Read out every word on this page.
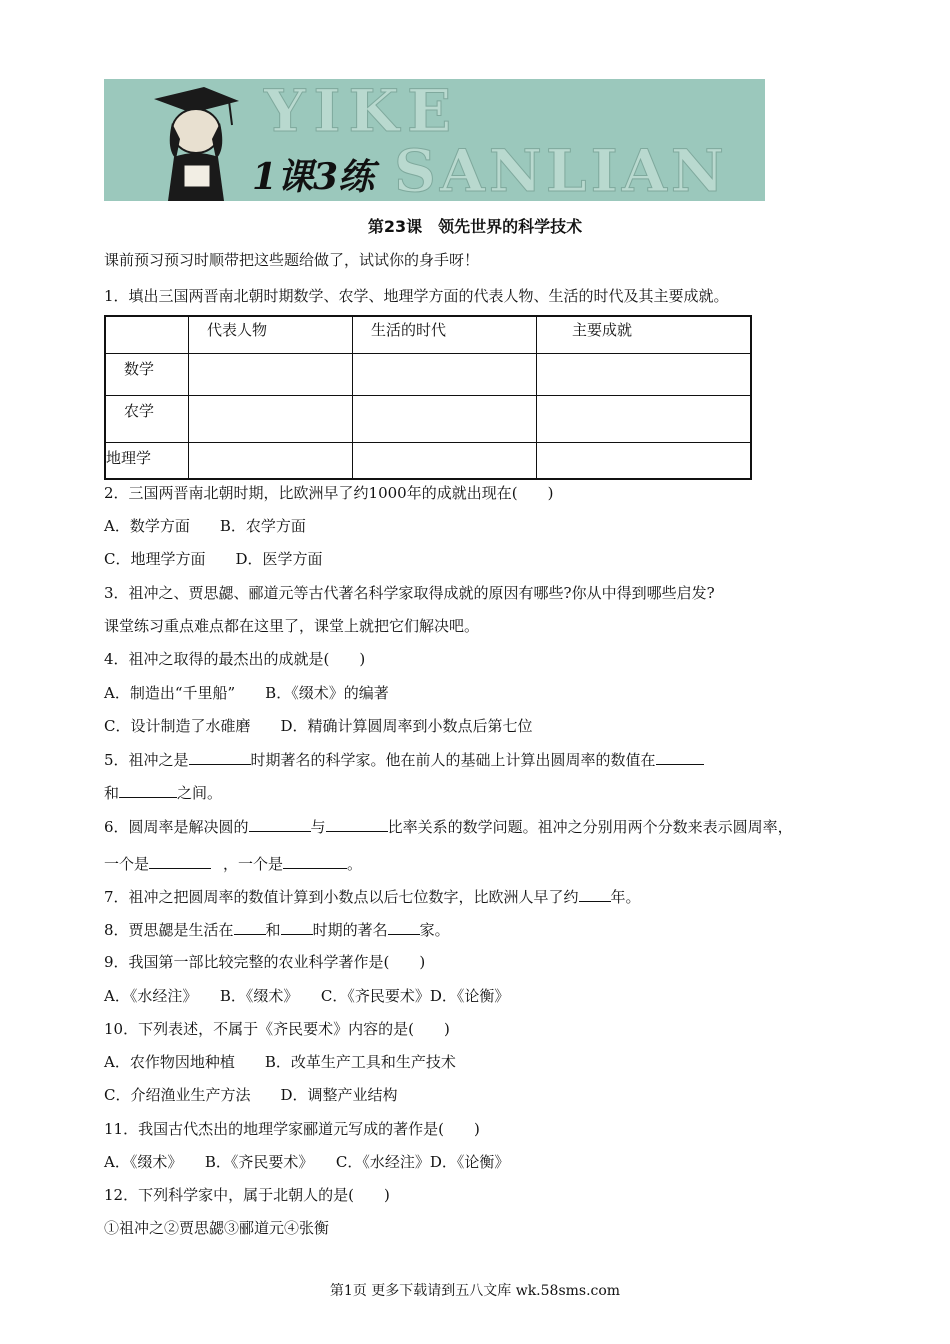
YIKE
SANLIAN
1课3练
第23课　领先世界的科学技术
课前预习预习时顺带把这些题给做了，试试你的身手呀！
1．填出三国两晋南北朝时期数学、农学、地理学方面的代表人物、生活的时代及其主要成就。
	代表人物	生活的时代	主要成就
数学			
农学			
地理学			
2．三国两晋南北朝时期，比欧洲早了约1000年的成就出现在(　　)
A．数学方面　　B．农学方面
C．地理学方面　　D．医学方面
3．祖冲之、贾思勰、郦道元等古代著名科学家取得成就的原因有哪些?你从中得到哪些启发?
课堂练习重点难点都在这里了，课堂上就把它们解决吧。
4．祖冲之取得的最杰出的成就是(　　)
A．制造出“千里船”　　B．《缀术》的编著
C．设计制造了水碓磨　　D．精确计算圆周率到小数点后第七位
5．祖冲之是	时期著名的科学家。他在前人的基础上计算出圆周率的数值在
和	之间。
6．圆周率是解决圆的	与	比率关系的数学问题。祖冲之分别用两个分数来表示圆周率，
一个是	，一个是	。
7．祖冲之把圆周率的数值计算到小数点以后七位数字，比欧洲人早了约 年。
8．贾思勰是生活在 和 时期的著名 家。
9．我国第一部比较完整的农业科学著作是(　　)
A．《水经注》　　B．《缀术》　　C．《齐民要术》D．《论衡》
10．下列表述，不属于《齐民要术》内容的是(　　)
A．农作物因地种植　　B．改革生产工具和生产技术
C．介绍渔业生产方法　　D．调整产业结构
11．我国古代杰出的地理学家郦道元写成的著作是(　　)
A．《缀术》　　B．《齐民要术》　　C．《水经注》D．《论衡》
12．下列科学家中，属于北朝人的是(　　)
①祖冲之②贾思勰③郦道元④张衡
第1页 更多下载请到五八文库 wk.58sms.com
